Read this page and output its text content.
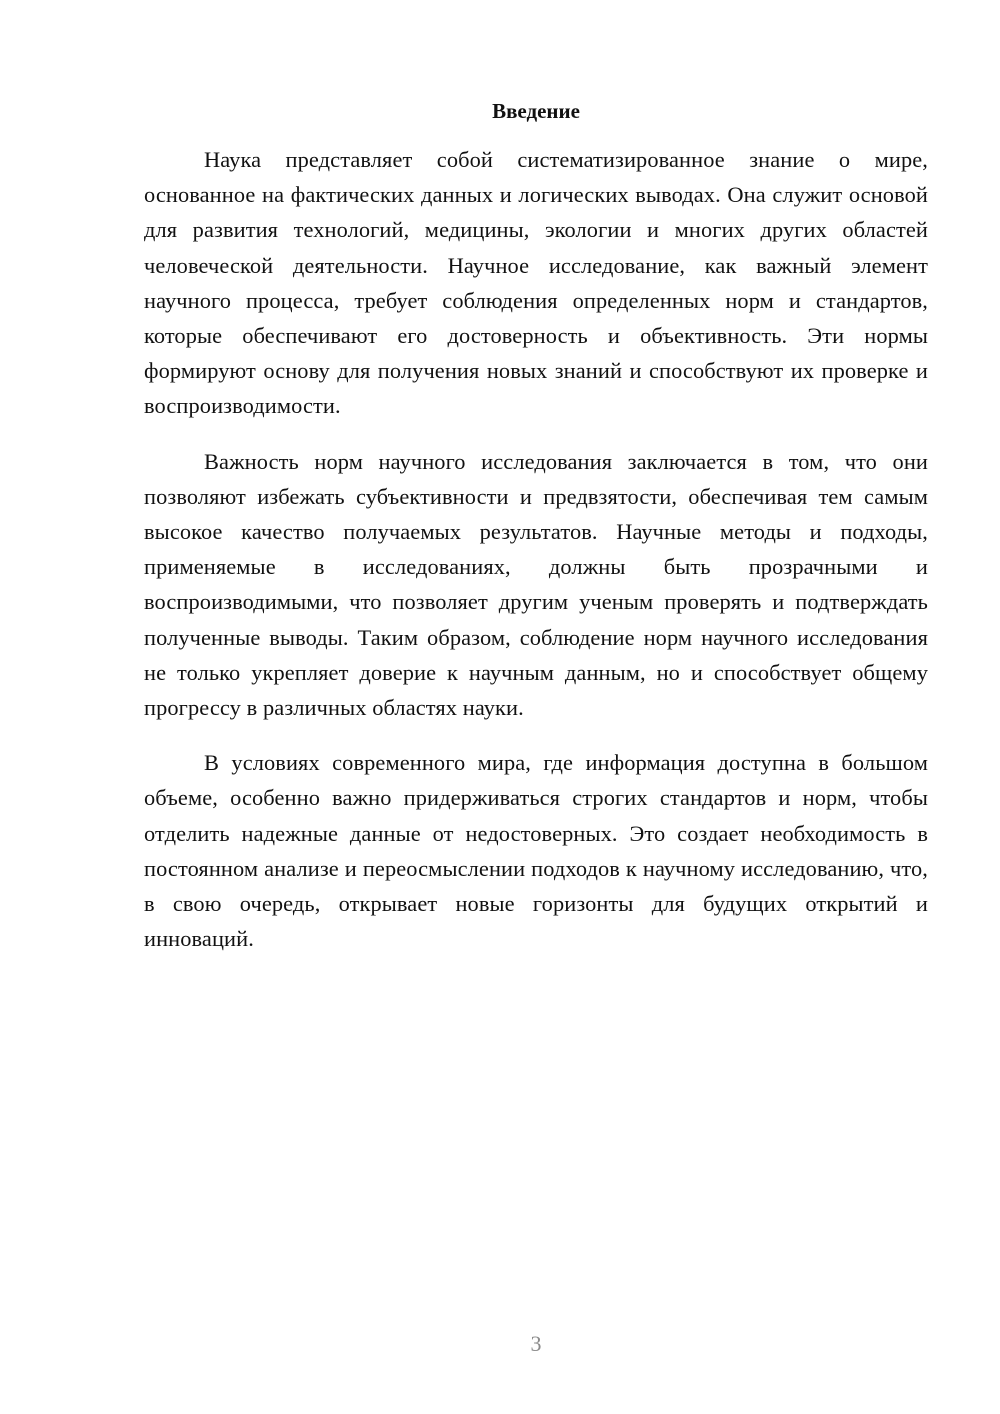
Введение

Наука представляет собой систематизированное знание о мире, основанное на фактических данных и логических выводах. Она служит основой для развития технологий, медицины, экологии и многих других областей человеческой деятельности. Научное исследование, как важный элемент научного процесса, требует соблюдения определенных норм и стандартов, которые обеспечивают его достоверность и объективность. Эти нормы формируют основу для получения новых знаний и способствуют их проверке и воспроизводимости.

Важность норм научного исследования заключается в том, что они позволяют избежать субъективности и предвзятости, обеспечивая тем самым высокое качество получаемых результатов. Научные методы и подходы, применяемые в исследованиях, должны быть прозрачными и воспроизводимыми, что позволяет другим ученым проверять и подтверждать полученные выводы. Таким образом, соблюдение норм научного исследования не только укрепляет доверие к научным данным, но и способствует общему прогрессу в различных областях науки.

В условиях современного мира, где информация доступна в большом объеме, особенно важно придерживаться строгих стандартов и норм, чтобы отделить надежные данные от недостоверных. Это создает необходимость в постоянном анализе и переосмыслении подходов к научному исследованию, что, в свою очередь, открывает новые горизонты для будущих открытий и инноваций.

3
